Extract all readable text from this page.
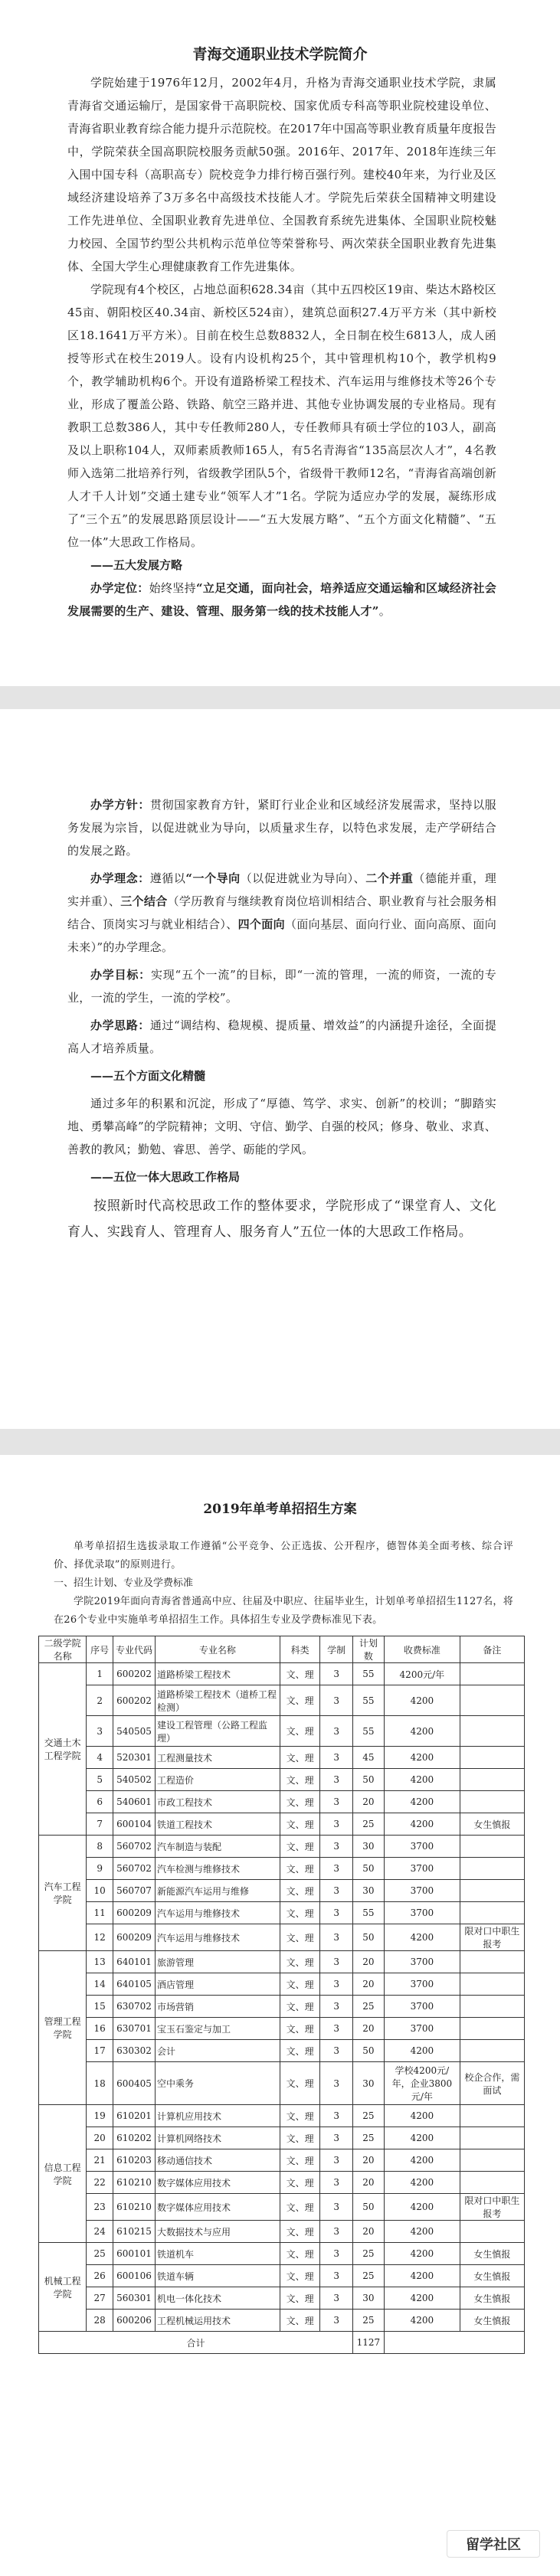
青海交通职业技术学院简介

学院始建于1976年12月，2002年4月，升格为青海交通职业技术学院，隶属青海省交通运输厅，是国家骨干高职院校、国家优质专科高等职业院校建设单位、青海省职业教育综合能力提升示范院校。在2017年中国高等职业教育质量年度报告中，学院荣获全国高职院校服务贡献50强。2016年、2017年、2018年连续三年入围中国专科（高职高专）院校竞争力排行榜百强行列。建校40年来，为行业及区域经济建设培养了3万多名中高级技术技能人才。学院先后荣获全国精神文明建设工作先进单位、全国职业教育先进单位、全国教育系统先进集体、全国职业院校魅力校园、全国节约型公共机构示范单位等荣誉称号、两次荣获全国职业教育先进集体、全国大学生心理健康教育工作先进集体。

学院现有4个校区，占地总面积628.34亩（其中五四校区19亩、柴达木路校区45亩、朝阳校区40.34亩、新校区524亩），建筑总面积27.4万平方米（其中新校区18.1641万平方米）。目前在校生总数8832人，全日制在校生6813人，成人函授等形式在校生2019人。设有内设机构25个，其中管理机构10个，教学机构9个，教学辅助机构6个。开设有道路桥梁工程技术、汽车运用与维修技术等26个专业，形成了覆盖公路、铁路、航空三路并进、其他专业协调发展的专业格局。现有教职工总数386人，其中专任教师280人，专任教师具有硕士学位的103人，副高及以上职称104人，双师素质教师165人，有5名青海省“135高层次人才”，4名教师入选第二批培养行列，省级教学团队5个，省级骨干教师12名，“青海省高端创新人才千人计划”交通土建专业“领军人才”1名。学院为适应办学的发展，凝练形成了“三个五”的发展思路顶层设计——“五大发展方略”、“五个方面文化精髓”、“五位一体”大思政工作格局。

——五大发展方略

办学定位：始终坚持“立足交通，面向社会，培养适应交通运输和区域经济社会发展需要的生产、建设、管理、服务第一线的技术技能人才”。

办学方针：贯彻国家教育方针，紧盯行业企业和区域经济发展需求，坚持以服务发展为宗旨，以促进就业为导向，以质量求生存，以特色求发展，走产学研结合的发展之路。

办学理念：遵循以“一个导向（以促进就业为导向）、二个并重（德能并重，理实并重）、三个结合（学历教育与继续教育岗位培训相结合、职业教育与社会服务相结合、顶岗实习与就业相结合）、四个面向（面向基层、面向行业、面向高原、面向未来）”的办学理念。

办学目标：实现“五个一流”的目标，即“一流的管理，一流的师资，一流的专业，一流的学生，一流的学校”。

办学思路：通过“调结构、稳规模、提质量、增效益”的内涵提升途径，全面提高人才培养质量。

——五个方面文化精髓

通过多年的积累和沉淀，形成了“厚德、笃学、求实、创新”的校训；“脚踏实地、勇攀高峰”的学院精神；文明、守信、勤学、自强的校风；修身、敬业、求真、善教的教风；勤勉、睿思、善学、砺能的学风。

——五位一体大思政工作格局

按照新时代高校思政工作的整体要求，学院形成了“课堂育人、文化育人、实践育人、管理育人、服务育人”五位一体的大思政工作格局。

2019年单考单招招生方案

单考单招招生选拔录取工作遵循“公平竞争、公正选拔、公开程序，德智体美全面考核、综合评价、择优录取”的原则进行。

一、招生计划、专业及学费标准

学院2019年面向青海省普通高中应、往届及中职应、往届毕业生，计划单考单招招生1127名，将在26个专业中实施单考单招招生工作。具体招生专业及学费标准见下表。

二级学院名称	序号	专业代码	专业名称	科类	学制	计划数	收费标准	备注
交通土木工程学院	1	600202	道路桥梁工程技术	文、理	3	55	4200元/年	
	2	600202	道路桥梁工程技术（道桥工程检测）	文、理	3	55	4200	
	3	540505	建设工程管理（公路工程监理）	文、理	3	55	4200	
	4	520301	工程测量技术	文、理	3	45	4200	
	5	540502	工程造价	文、理	3	50	4200	
	6	540601	市政工程技术	文、理	3	20	4200	
	7	600104	铁道工程技术	文、理	3	25	4200	女生慎报
汽车工程学院	8	560702	汽车制造与装配	文、理	3	30	3700	
	9	560702	汽车检测与维修技术	文、理	3	50	3700	
	10	560707	新能源汽车运用与维修	文、理	3	30	3700	
	11	600209	汽车运用与维修技术	文、理	3	55	3700	
	12	600209	汽车运用与维修技术	文、理	3	50	4200	限对口中职生报考
管理工程学院	13	640101	旅游管理	文、理	3	20	3700	
	14	640105	酒店管理	文、理	3	20	3700	
	15	630702	市场营销	文、理	3	25	3700	
	16	630701	宝玉石鉴定与加工	文、理	3	20	3700	
	17	630302	会计	文、理	3	50	4200	
	18	600405	空中乘务	文、理	3	30	学校4200元/年，企业3800元/年	校企合作，需面试
信息工程学院	19	610201	计算机应用技术	文、理	3	25	4200	
	20	610202	计算机网络技术	文、理	3	25	4200	
	21	610203	移动通信技术	文、理	3	20	4200	
	22	610210	数字媒体应用技术	文、理	3	20	4200	
	23	610210	数字媒体应用技术	文、理	3	50	4200	限对口中职生报考
	24	610215	大数据技术与应用	文、理	3	20	4200	
机械工程学院	25	600101	铁道机车	文、理	3	25	4200	女生慎报
	26	600106	铁道车辆	文、理	3	25	4200	女生慎报
	27	560301	机电一体化技术	文、理	3	30	4200	女生慎报
	28	600206	工程机械运用技术	文、理	3	25	4200	女生慎报
合计						1127		
留学社区
